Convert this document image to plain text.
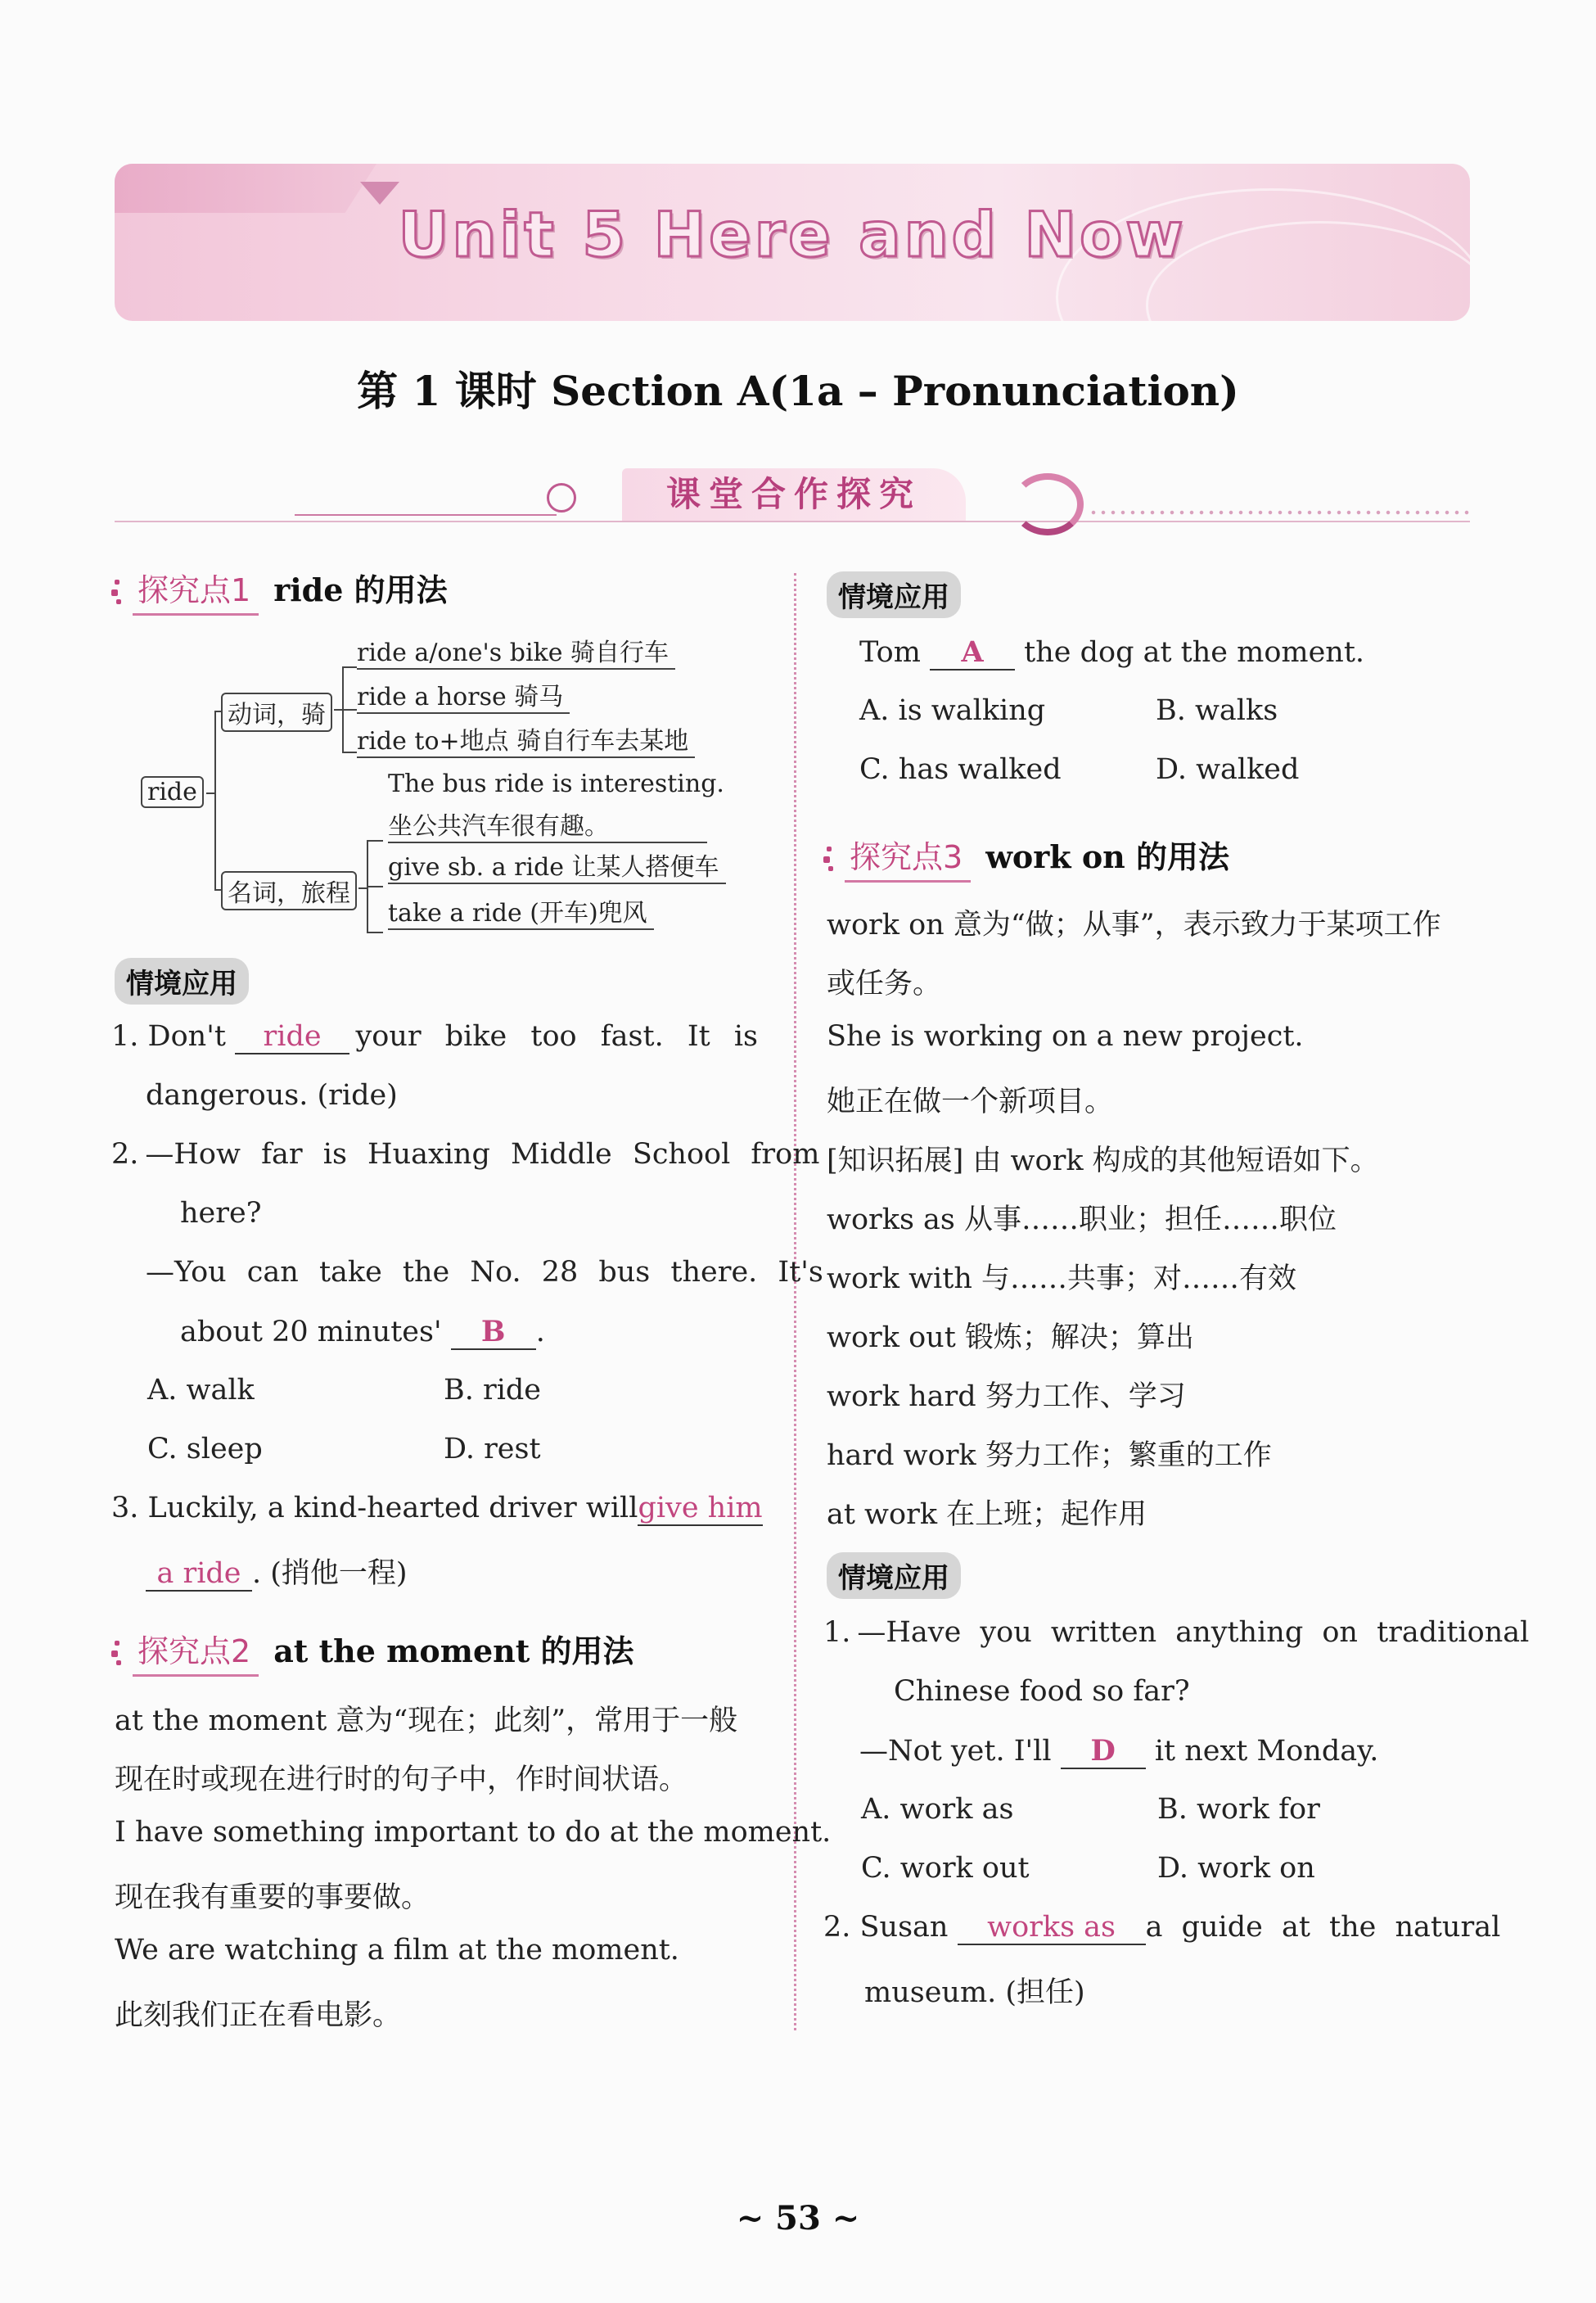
Unit 5 Here and Now
第 1 课时 Section A(1a – Pronunciation)
课堂合作探究
探究点1 ride 的用法
ride
动词，骑
ride a/one's bike 骑自行车
ride a horse 骑马
ride to+地点 骑自行车去某地
The bus ride is interesting.
坐公共汽车很有趣。
名词，旅程
give sb. a ride 让某人搭便车
take a ride (开车)兜风
情境应用
1. Don't ride	your bike too fast. It is
dangerous. (ride)
2. —How far is Huaxing Middle School from
here?
—You can take the No. 28 bus there. It's
about 20 minutes' B .
A. walk	B. ride
C. sleep	D. rest
3. Luckily, a kind-hearted driver will give him
a ride . (捎他一程)
探究点2 at the moment 的用法
at the moment 意为“现在；此刻”，常用于一般
现在时或现在进行时的句子中，作时间状语。
I have something important to do at the moment.
现在我有重要的事要做。
We are watching a film at the moment.
此刻我们正在看电影。
情境应用
Tom A the dog at the moment.
A. is walking	B. walks
C. has walked	D. walked
探究点3 work on 的用法
work on 意为“做；从事”，表示致力于某项工作
或任务。
She is working on a new project.
她正在做一个新项目。
[知识拓展] 由 work 构成的其他短语如下。
works as 从事……职业；担任……职位
work with 与……共事；对……有效
work out 锻炼；解决；算出
work hard 努力工作、学习
hard work 努力工作；繁重的工作
at work 在上班；起作用
情境应用
1. —Have you written anything on traditional
Chinese food so far?
—Not yet. I'll D it next Monday.
A. work as	B. work for
C. work out	D. work on
2. Susan works as	a guide at the natural
museum. (担任)
~ 53 ~
